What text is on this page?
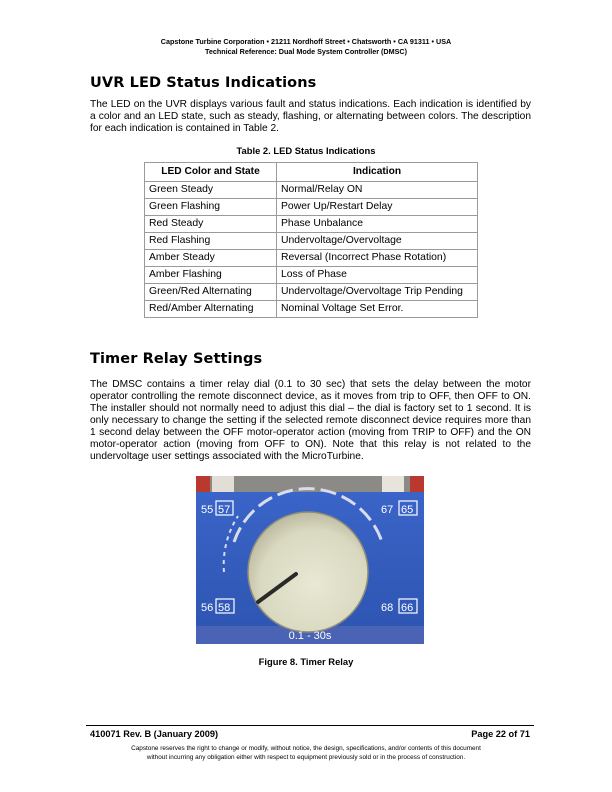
Capstone Turbine Corporation • 21211 Nordhoff Street • Chatsworth • CA 91311 • USA
Technical Reference: Dual Mode System Controller (DMSC)
UVR LED Status Indications
The LED on the UVR displays various fault and status indications. Each indication is identified by a color and an LED state, such as steady, flashing, or alternating between colors. The description for each indication is contained in Table 2.
Table 2. LED Status Indications
LED Color and State	Indication
Green Steady	Normal/Relay ON
Green Flashing	Power Up/Restart Delay
Red Steady	Phase Unbalance
Red Flashing	Undervoltage/Overvoltage
Amber Steady	Reversal (Incorrect Phase Rotation)
Amber Flashing	Loss of Phase
Green/Red Alternating	Undervoltage/Overvoltage Trip Pending
Red/Amber Alternating	Nominal Voltage Set Error.
Timer Relay Settings
The DMSC contains a timer relay dial (0.1 to 30 sec) that sets the delay between the motor operator controlling the remote disconnect device, as it moves from trip to OFF, then OFF to ON. The installer should not normally need to adjust this dial – the dial is factory set to 1 second. It is only necessary to change the setting if the selected remote disconnect device requires more than 1 second delay between the OFF motor-operator action (moving from TRIP to OFF) and the ON motor-operator action (moving from OFF to ON). Note that this relay is not related to the undervoltage user settings associated with the MicroTurbine.
55 57	67 65
56 58	68 66
0.1 - 30s
Figure 8. Timer Relay
410071 Rev. B (January 2009)	Page 22 of 71
Capstone reserves the right to change or modify, without notice, the design, specifications, and/or contents of this document
without incurring any obligation either with respect to equipment previously sold or in the process of construction.
